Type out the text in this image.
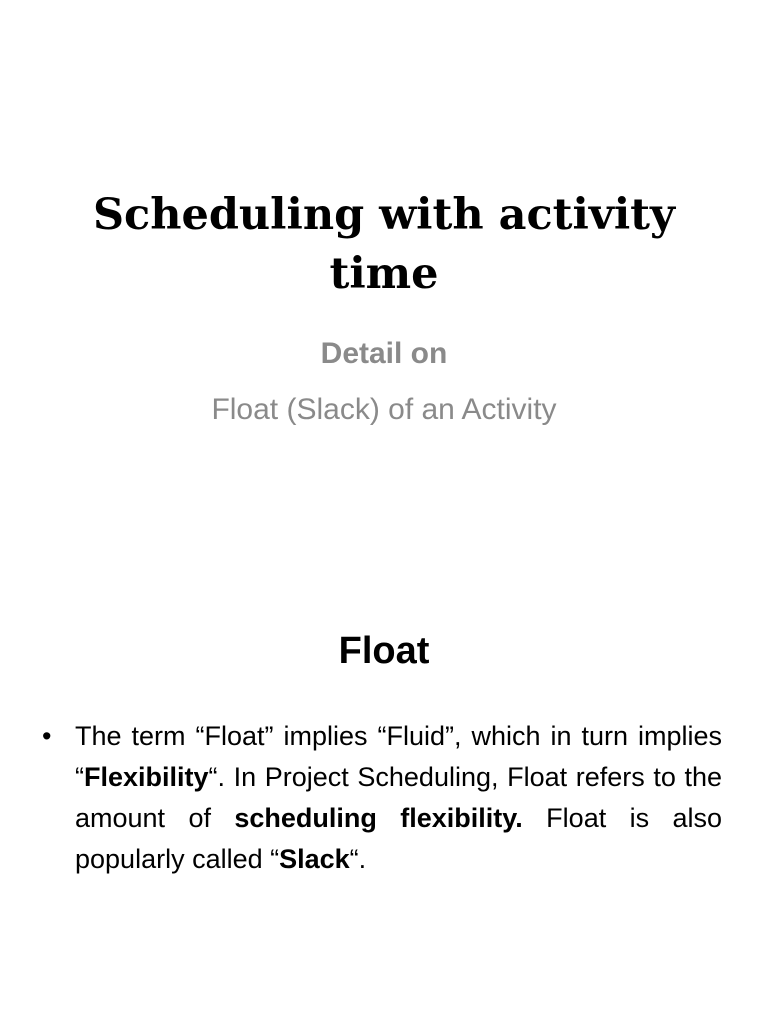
Scheduling with activity time

Detail on

Float (Slack) of an Activity

Float
• The term “Float” implies “Fluid”, which in turn implies “Flexibility“. In Project Scheduling, Float refers to the amount of scheduling flexibility. Float is also popularly called “Slack“.
